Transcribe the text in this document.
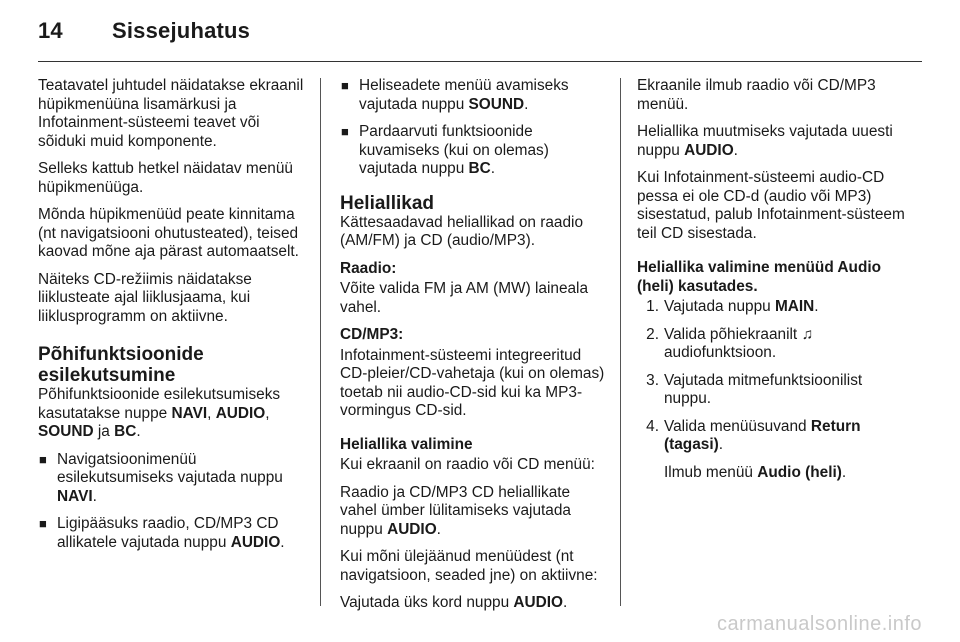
14 Sissejuhatus

Teatavatel juhtudel näidatakse ekraanil hüpikmenüüna lisamärkusi ja Infotainment-süsteemi teavet või sõiduki muid komponente.

Selleks kattub hetkel näidatav menüü hüpikmenüüga.

Mõnda hüpikmenüüd peate kinnitama (nt navigatsiooni ohutusteated), teised kaovad mõne aja pärast automaatselt.

Näiteks CD-režiimis näidatakse liiklusteate ajal liiklusjaama, kui liiklusprogramm on aktiivne.

Põhifunktsioonide esilekutsumine

Põhifunktsioonide esilekutsumiseks kasutatakse nuppe NAVI, AUDIO,
SOUND ja BC.

■ Navigatsioonimenüü esilekutsumiseks vajutada nuppu NAVI.
■ Ligipääsuks raadio, CD/MP3 CD allikatele vajutada nuppu AUDIO.
■ Heliseadete menüü avamiseks vajutada nuppu SOUND.
■ Pardaarvuti funktsioonide kuvamiseks (kui on olemas) vajutada nuppu BC.
Heliallikad

Kättesaadavad heliallikad on raadio (AM/FM) ja CD (audio/MP3).

Raadio:

Võite valida FM ja AM (MW) laineala vahel.

CD/MP3:

Infotainment-süsteemi integreeritud CD-pleier/CD-vahetaja (kui on olemas) toetab nii audio-CD-sid kui ka MP3-vormingus CD-sid.

Heliallika valimine

Kui ekraanil on raadio või CD menüü:

Raadio ja CD/MP3 CD heliallikate vahel ümber lülitamiseks vajutada nuppu AUDIO.

Kui mõni ülejäänud menüüdest (nt navigatsioon, seaded jne) on aktiivne:

Vajutada üks kord nuppu AUDIO.

Ekraanile ilmub raadio või CD/MP3 menüü.

Heliallika muutmiseks vajutada uuesti nuppu AUDIO.

Kui Infotainment-süsteemi audio-CD pessa ei ole CD-d (audio või MP3) sisestatud, palub Infotainment-süsteem teil CD sisestada.

Heliallika valimine menüüd Audio (heli) kasutades.
1. Vajutada nuppu MAIN.
2. Valida põhiekraanilt ♫ audiofunktsioon.
3. Vajutada mitmefunktsioonilist nuppu.
4. Valida menüüsuvand Return (tagasi).

Ilmub menüü Audio (heli).

carmanualsonline.info
